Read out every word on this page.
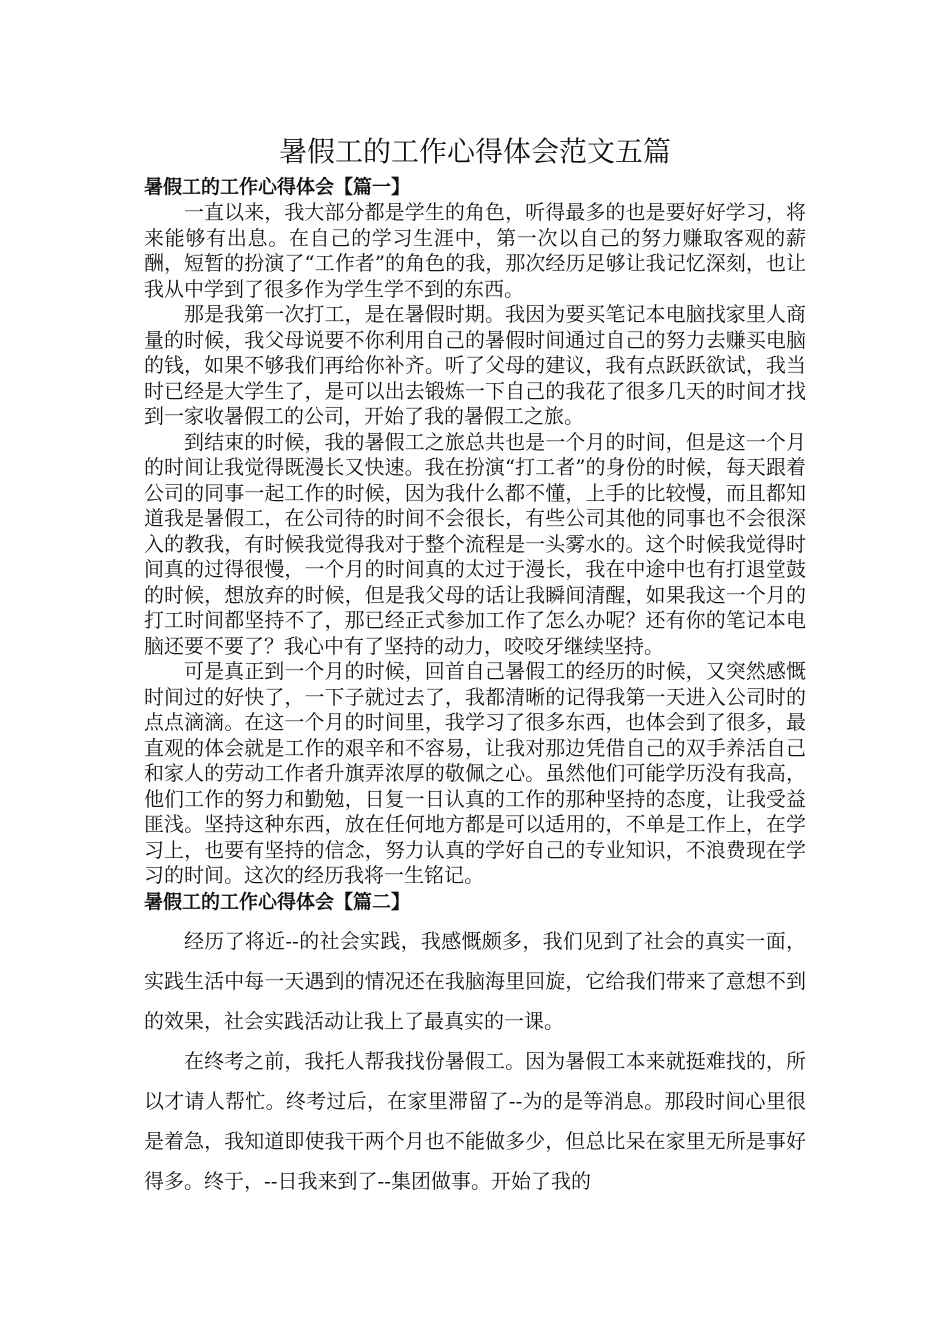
暑假工的工作心得体会范文五篇
暑假工的工作心得体会【篇一】

一直以来，我大部分都是学生的角色，听得最多的也是要好好学习，将来能够有出息。在自己的学习生涯中，第一次以自己的努力赚取客观的薪酬，短暂的扮演了“工作者”的角色的我，那次经历足够让我记忆深刻，也让我从中学到了很多作为学生学不到的东西。

那是我第一次打工，是在暑假时期。我因为要买笔记本电脑找家里人商量的时候，我父母说要不你利用自己的暑假时间通过自己的努力去赚买电脑的钱，如果不够我们再给你补齐。听了父母的建议，我有点跃跃欲试，我当时已经是大学生了，是可以出去锻炼一下自己的我花了很多几天的时间才找到一家收暑假工的公司，开始了我的暑假工之旅。

到结束的时候，我的暑假工之旅总共也是一个月的时间，但是这一个月的时间让我觉得既漫长又快速。我在扮演“打工者”的身份的时候，每天跟着公司的同事一起工作的时候，因为我什么都不懂，上手的比较慢，而且都知道我是暑假工，在公司待的时间不会很长，有些公司其他的同事也不会很深入的教我，有时候我觉得我对于整个流程是一头雾水的。这个时候我觉得时间真的过得很慢，一个月的时间真的太过于漫长，我在中途中也有打退堂鼓的时候，想放弃的时候，但是我父母的话让我瞬间清醒，如果我这一个月的打工时间都坚持不了，那已经正式参加工作了怎么办呢？还有你的笔记本电脑还要不要了？我心中有了坚持的动力，咬咬牙继续坚持。

可是真正到一个月的时候，回首自己暑假工的经历的时候，又突然感慨时间过的好快了，一下子就过去了，我都清晰的记得我第一天进入公司时的点点滴滴。在这一个月的时间里，我学习了很多东西，也体会到了很多，最直观的体会就是工作的艰辛和不容易，让我对那边凭借自己的双手养活自己和家人的劳动工作者升旗弄浓厚的敬佩之心。虽然他们可能学历没有我高，他们工作的努力和勤勉，日复一日认真的工作的那种坚持的态度，让我受益匪浅。坚持这种东西，放在任何地方都是可以适用的，不单是工作上，在学习上，也要有坚持的信念，努力认真的学好自己的专业知识，不浪费现在学习的时间。这次的经历我将一生铭记。

暑假工的工作心得体会【篇二】

经历了将近--的社会实践，我感慨颇多，我们见到了社会的真实一面，实践生活中每一天遇到的情况还在我脑海里回旋，它给我们带来了意想不到的效果，社会实践活动让我上了最真实的一课。

在终考之前，我托人帮我找份暑假工。因为暑假工本来就挺难找的，所以才请人帮忙。终考过后，在家里滞留了--为的是等消息。那段时间心里很是着急，我知道即使我干两个月也不能做多少，但总比呆在家里无所是事好得多。终于，--日我来到了--集团做事。开始了我的
